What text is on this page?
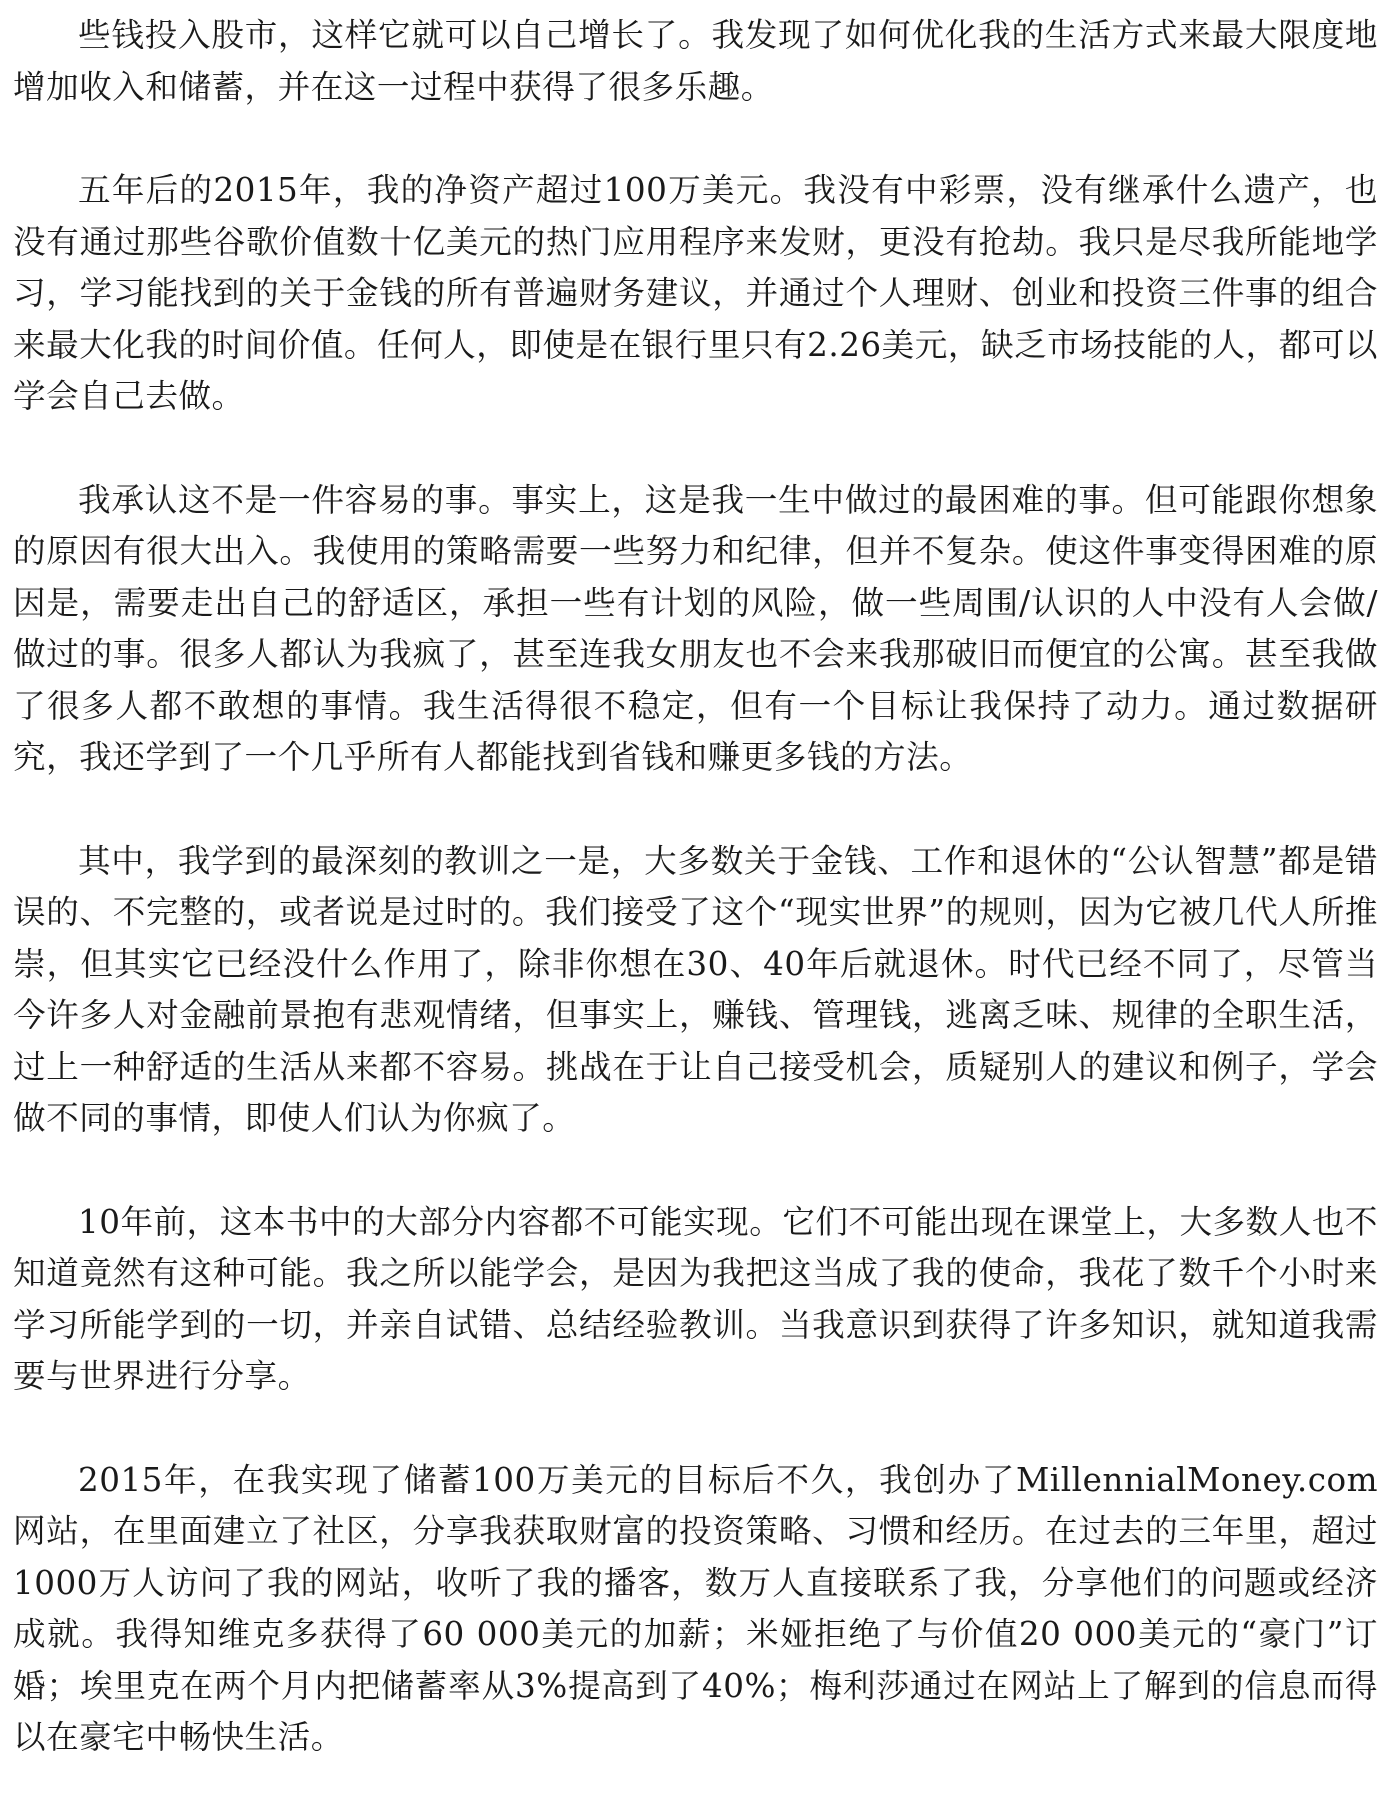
些钱投入股市，这样它就可以自己增长了。我发现了如何优化我的生活方式来最大限度地增加收入和储蓄，并在这一过程中获得了很多乐趣。

五年后的2015年，我的净资产超过100万美元。我没有中彩票，没有继承什么遗产，也没有通过那些谷歌价值数十亿美元的热门应用程序来发财，更没有抢劫。我只是尽我所能地学习，学习能找到的关于金钱的所有普遍财务建议，并通过个人理财、创业和投资三件事的组合来最大化我的时间价值。任何人，即使是在银行里只有2.26美元，缺乏市场技能的人，都可以学会自己去做。

我承认这不是一件容易的事。事实上，这是我一生中做过的最困难的事。但可能跟你想象的原因有很大出入。我使用的策略需要一些努力和纪律，但并不复杂。使这件事变得困难的原因是，需要走出自己的舒适区，承担一些有计划的风险，做一些周围/认识的人中没有人会做/做过的事。很多人都认为我疯了，甚至连我女朋友也不会来我那破旧而便宜的公寓。甚至我做了很多人都不敢想的事情。我生活得很不稳定，但有一个目标让我保持了动力。通过数据研究，我还学到了一个几乎所有人都能找到省钱和赚更多钱的方法。

其中，我学到的最深刻的教训之一是，大多数关于金钱、工作和退休的“公认智慧”都是错误的、不完整的，或者说是过时的。我们接受了这个“现实世界”的规则，因为它被几代人所推崇，但其实它已经没什么作用了，除非你想在30、40年后就退休。时代已经不同了，尽管当今许多人对金融前景抱有悲观情绪，但事实上，赚钱、管理钱，逃离乏味、规律的全职生活，过上一种舒适的生活从来都不容易。挑战在于让自己接受机会，质疑别人的建议和例子，学会做不同的事情，即使人们认为你疯了。

10年前，这本书中的大部分内容都不可能实现。它们不可能出现在课堂上，大多数人也不知道竟然有这种可能。我之所以能学会，是因为我把这当成了我的使命，我花了数千个小时来学习所能学到的一切，并亲自试错、总结经验教训。当我意识到获得了许多知识，就知道我需要与世界进行分享。

2015年，在我实现了储蓄100万美元的目标后不久，我创办了MillennialMoney.com网站，在里面建立了社区，分享我获取财富的投资策略、习惯和经历。在过去的三年里，超过1000万人访问了我的网站，收听了我的播客，数万人直接联系了我，分享他们的问题或经济成就。我得知维克多获得了60 000美元的加薪；米娅拒绝了与价值20 000美元的“豪门”订婚；埃里克在两个月内把储蓄率从3%提高到了40%；梅利莎通过在网站上了解到的信息而得以在豪宅中畅快生活。
